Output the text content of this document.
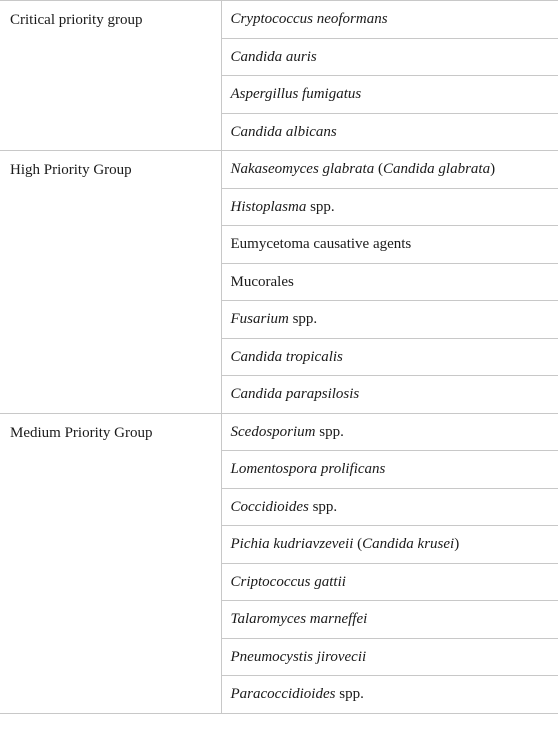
Critical priority group	Cryptococcus neoformans
	Candida auris
	Aspergillus fumigatus
	Candida albicans
High Priority Group	Nakaseomyces glabrata (Candida glabrata)
	Histoplasma spp.
	Eumycetoma causative agents
	Mucorales
	Fusarium spp.
	Candida tropicalis
	Candida parapsilosis
Medium Priority Group	Scedosporium spp.
	Lomentospora prolificans
	Coccidioides spp.
	Pichia kudriavzeveii (Candida krusei)
	Criptococcus gattii
	Talaromyces marneffei
	Pneumocystis jirovecii
	Paracoccidioides spp.
